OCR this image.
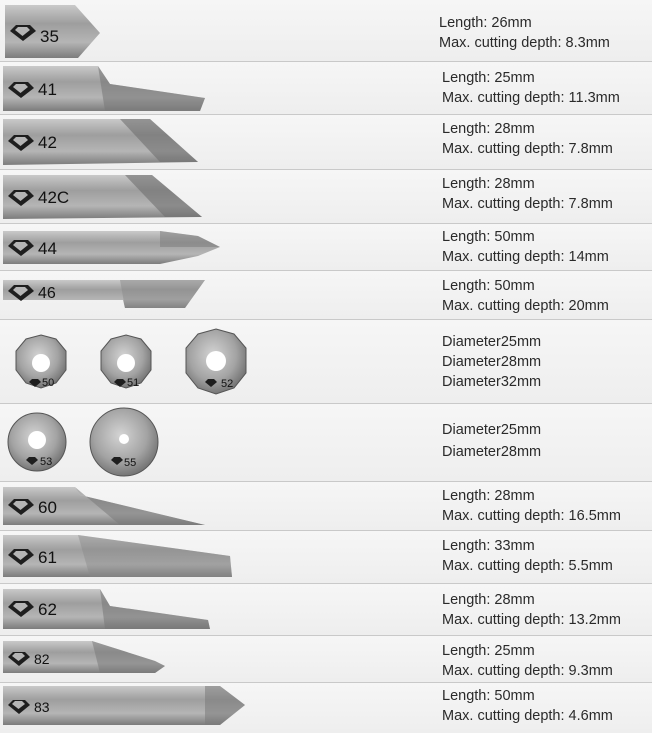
35
Length: 26mm
Max. cutting depth: 8.3mm
41
Length: 25mm
Max. cutting depth: 11.3mm
42
Length: 28mm
Max. cutting depth: 7.8mm
42C
Length: 28mm
Max. cutting depth: 7.8mm
44
Length: 50mm
Max. cutting depth: 14mm
46	Length: 50mm
Max. cutting depth: 20mm
50	51	52
Diameter25mm
Diameter28mm
Diameter32mm
53	55
Diameter25mm
Diameter28mm
60
Length: 28mm
Max. cutting depth: 16.5mm
61
Length: 33mm
Max. cutting depth: 5.5mm
62	Length: 28mm
Max. cutting depth: 13.2mm
82	Length: 25mm
Max. cutting depth: 9.3mm
83
Length: 50mm
Max. cutting depth: 4.6mm
